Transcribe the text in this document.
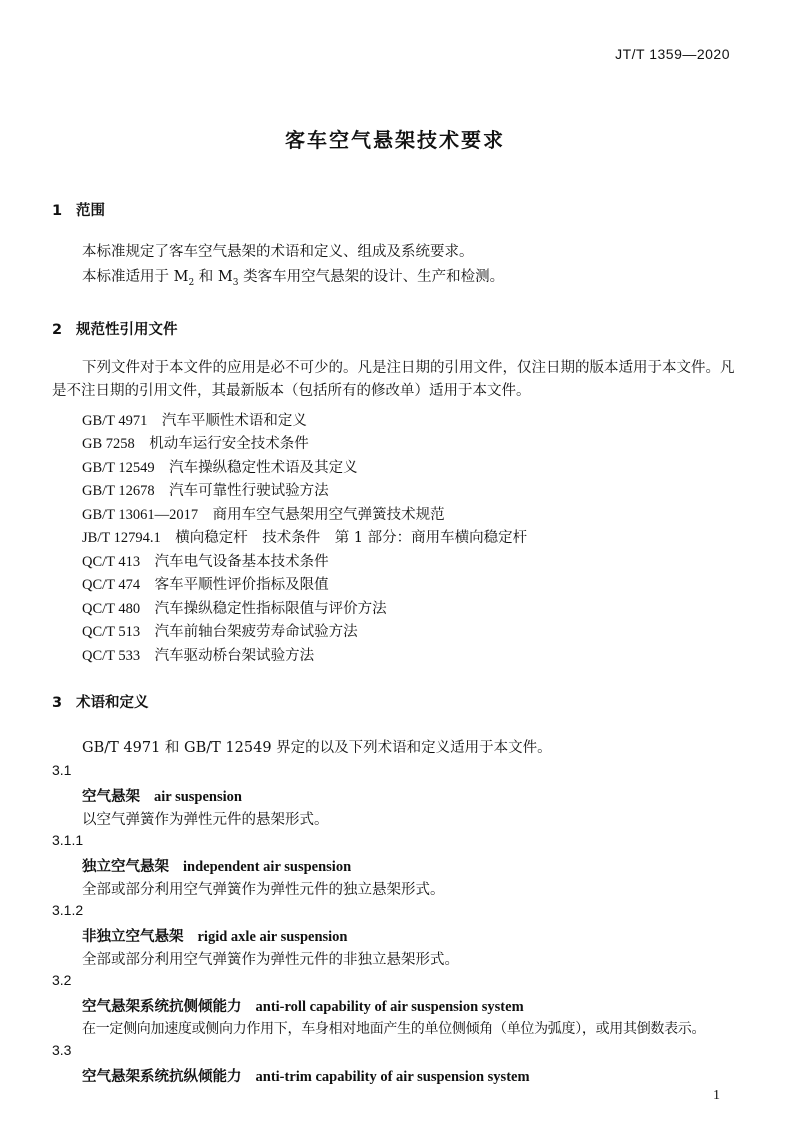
JT/T 1359—2020
客车空气悬架技术要求
1 范围
本标准规定了客车空气悬架的术语和定义、组成及系统要求。
本标准适用于 $M_2$ 和 $M_3$ 类客车用空气悬架的设计、生产和检测。
2 规范性引用文件
下列文件对于本文件的应用是必不可少的。凡是注日期的引用文件，仅注日期的版本适用于本文件。凡是不注日期的引用文件，其最新版本（包括所有的修改单）适用于本文件。
GB/T 4971　 汽车平顺性术语和定义
GB 7258　 机动车运行安全技术条件
GB/T 12549　 汽车操纵稳定性术语及其定义
GB/T 12678　 汽车可靠性行驶试验方法
GB/T 13061—2017　 商用车空气悬架用空气弹簧技术规范
JB/T 12794.1　 横向稳定杆　技术条件　第 1 部分：商用车横向稳定杆
QC/T 413　 汽车电气设备基本技术条件
QC/T 474　 客车平顺性评价指标及限值
QC/T 480　 汽车操纵稳定性指标限值与评价方法
QC/T 513　 汽车前轴台架疲劳寿命试验方法
QC/T 533　 汽车驱动桥台架试验方法
3 术语和定义
GB/T 4971 和 GB/T 12549 界定的以及下列术语和定义适用于本文件。
3.1
空气悬架 air suspension
以空气弹簧作为弹性元件的悬架形式。
3.1.1
独立空气悬架 independent air suspension
全部或部分利用空气弹簧作为弹性元件的独立悬架形式。
3.1.2
非独立空气悬架 rigid axle air suspension
全部或部分利用空气弹簧作为弹性元件的非独立悬架形式。
3.2
空气悬架系统抗侧倾能力 anti-roll capability of air suspension system
在一定侧向加速度或侧向力作用下，车身相对地面产生的单位侧倾角（单位为弧度），或用其倒数表示。
3.3
空气悬架系统抗纵倾能力 anti-trim capability of air suspension system
1
